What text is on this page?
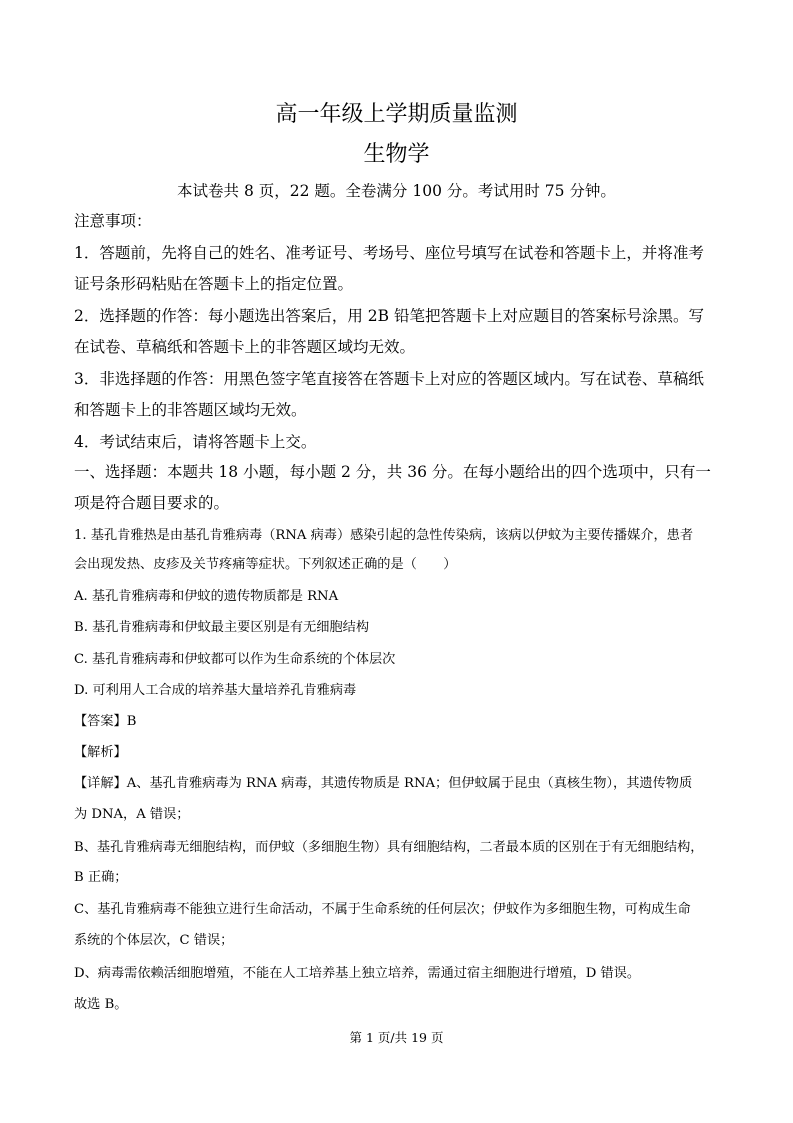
高一年级上学期质量监测
生物学
本试卷共 8 页，22 题。全卷满分 100 分。考试用时 75 分钟。
注意事项：
1．答题前，先将自己的姓名、准考证号、考场号、座位号填写在试卷和答题卡上，并将准考
证号条形码粘贴在答题卡上的指定位置。
2．选择题的作答：每小题选出答案后，用 2B 铅笔把答题卡上对应题目的答案标号涂黑。写
在试卷、草稿纸和答题卡上的非答题区域均无效。
3．非选择题的作答：用黑色签字笔直接答在答题卡上对应的答题区域内。写在试卷、草稿纸
和答题卡上的非答题区域均无效。
4．考试结束后，请将答题卡上交。
一、选择题：本题共 18 小题，每小题 2 分，共 36 分。在每小题给出的四个选项中，只有一
项是符合题目要求的。
1. 基孔肯雅热是由基孔肯雅病毒（RNA 病毒）感染引起的急性传染病，该病以伊蚊为主要传播媒介，患者
会出现发热、皮疹及关节疼痛等症状。下列叙述正确的是（　　）
A. 基孔肯雅病毒和伊蚊的遗传物质都是 RNA
B. 基孔肯雅病毒和伊蚊最主要区别是有无细胞结构
C. 基孔肯雅病毒和伊蚊都可以作为生命系统的个体层次
D. 可利用人工合成的培养基大量培养孔肯雅病毒
【答案】B
【解析】
【详解】A、基孔肯雅病毒为 RNA 病毒，其遗传物质是 RNA；但伊蚊属于昆虫（真核生物），其遗传物质
为 DNA，A 错误；
B、基孔肯雅病毒无细胞结构，而伊蚊（多细胞生物）具有细胞结构，二者最本质的区别在于有无细胞结构，
B 正确；
C、基孔肯雅病毒不能独立进行生命活动，不属于生命系统的任何层次；伊蚊作为多细胞生物，可构成生命
系统的个体层次，C 错误；
D、病毒需依赖活细胞增殖，不能在人工培养基上独立培养，需通过宿主细胞进行增殖，D 错误。
故选 B。
第 1 页/共 19 页
